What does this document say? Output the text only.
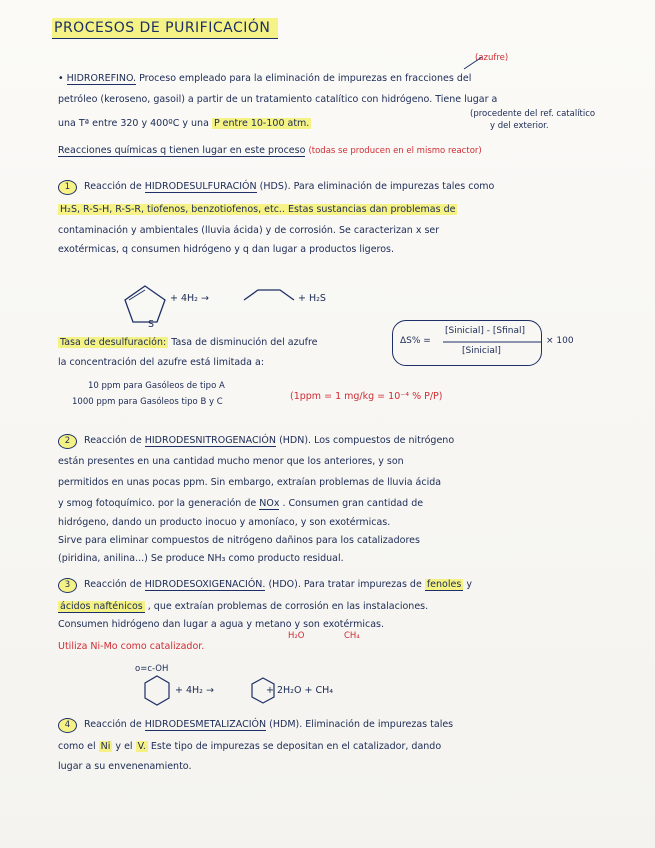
PROCESOS DE PURIFICACIÓN
(azufre)
• HIDROREFINO. Proceso empleado para la eliminación de impurezas en fracciones del
petróleo (keroseno, gasoil) a partir de un tratamiento catalítico con hidrógeno. Tiene lugar a
una Tª entre 320 y 400ºC y una P entre 10-100 atm.
(procedente del ref. catalítico
y del exterior.
Reacciones químicas q tienen lugar en este proceso (todas se producen en el mismo reactor)
1 Reacción de HIDRODESULFURACIÓN (HDS). Para eliminación de impurezas tales como
H₂S, R-S-H, R-S-R, tiofenos, benzotiofenos, etc.. Estas sustancias dan problemas de
contaminación y ambientales (lluvia ácida) y de corrosión. Se caracterizan x ser
exotérmicas, q consumen hidrógeno y q dan lugar a productos ligeros.
S
+ 4H₂ →	+ H₂S
Tasa de desulfuración: Tasa de disminución del azufre
la concentración del azufre está limitada a:
ΔS% =
[Sinicial] - [Sfinal]
[Sinicial]
× 100
10 ppm para Gasóleos de tipo A
1000 ppm para Gasóleos tipo B y C	(1ppm = 1 mg/kg = 10⁻⁴ % P/P)
2 Reacción de HIDRODESNITROGENACIÓN (HDN). Los compuestos de nitrógeno
están presentes en una cantidad mucho menor que los anteriores, y son
permitidos en unas pocas ppm. Sin embargo, extraían problemas de lluvia ácida
y smog fotoquímico. por la generación de NOx . Consumen gran cantidad de
hidrógeno, dando un producto inocuo y amoníaco, y son exotérmicas.
Sirve para eliminar compuestos de nitrógeno dañinos para los catalizadores
(piridina, anilina...) Se produce NH₃ como producto residual.
3 Reacción de HIDRODESOXIGENACIÓN. (HDO). Para tratar impurezas de fenoles y
ácidos nafténicos , que extraían problemas de corrosión en las instalaciones.
Consumen hidrógeno dan lugar a agua y metano y son exotérmicas.
H₂O	CH₄
Utiliza Ni-Mo como catalizador.
o=c-OH
+ 4H₂ →	+ 2H₂O + CH₄
4 Reacción de HIDRODESMETALIZACIÓN (HDM). Eliminación de impurezas tales
como el Ni y el V. Este tipo de impurezas se depositan en el catalizador, dando
lugar a su envenenamiento.
